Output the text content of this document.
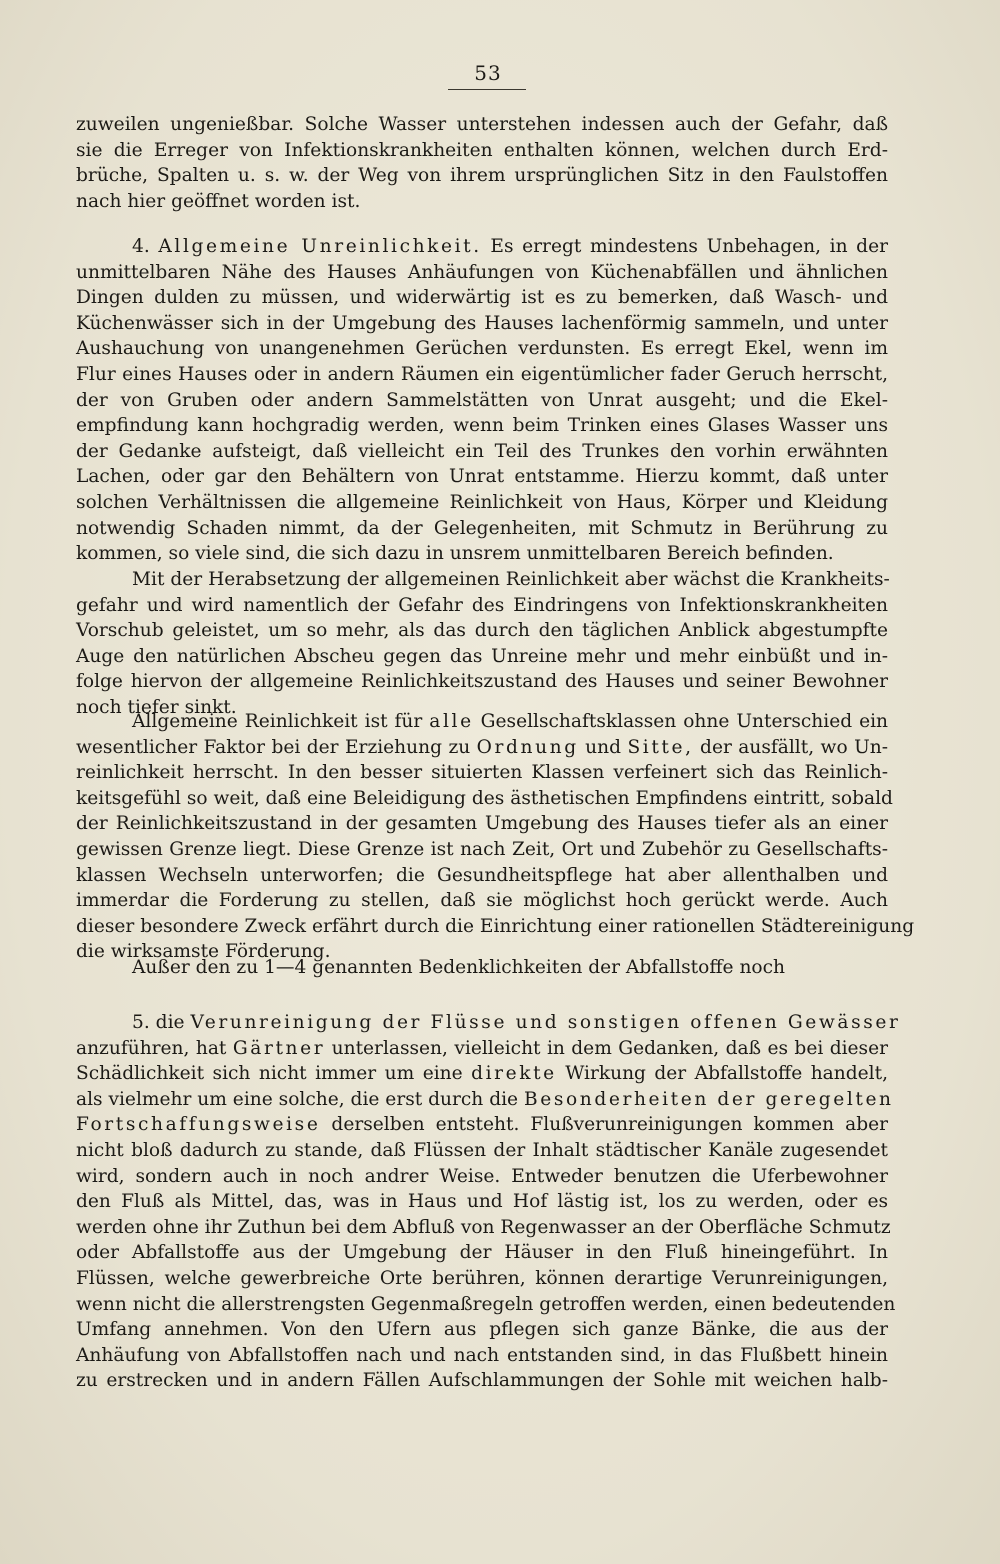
53
zuweilen ungenießbar. Solche Wasser unterstehen indessen auch der Gefahr, daß
sie die Erreger von Infektionskrankheiten enthalten können, welchen durch Erd-
brüche, Spalten u. s. w. der Weg von ihrem ursprünglichen Sitz in den Faulstoffen
nach hier geöffnet worden ist.
4. Allgemeine Unreinlichkeit. Es erregt mindestens Unbehagen, in der
unmittelbaren Nähe des Hauses Anhäufungen von Küchenabfällen und ähnlichen
Dingen dulden zu müssen, und widerwärtig ist es zu bemerken, daß Wasch- und
Küchenwässer sich in der Umgebung des Hauses lachenförmig sammeln, und unter
Aushauchung von unangenehmen Gerüchen verdunsten. Es erregt Ekel, wenn im
Flur eines Hauses oder in andern Räumen ein eigentümlicher fader Geruch herrscht,
der von Gruben oder andern Sammelstätten von Unrat ausgeht; und die Ekel-
empfindung kann hochgradig werden, wenn beim Trinken eines Glases Wasser uns
der Gedanke aufsteigt, daß vielleicht ein Teil des Trunkes den vorhin erwähnten
Lachen, oder gar den Behältern von Unrat entstamme. Hierzu kommt, daß unter
solchen Verhältnissen die allgemeine Reinlichkeit von Haus, Körper und Kleidung
notwendig Schaden nimmt, da der Gelegenheiten, mit Schmutz in Berührung zu
kommen, so viele sind, die sich dazu in unsrem unmittelbaren Bereich befinden.
Mit der Herabsetzung der allgemeinen Reinlichkeit aber wächst die Krankheits-
gefahr und wird namentlich der Gefahr des Eindringens von Infektionskrankheiten
Vorschub geleistet, um so mehr, als das durch den täglichen Anblick abgestumpfte
Auge den natürlichen Abscheu gegen das Unreine mehr und mehr einbüßt und in-
folge hiervon der allgemeine Reinlichkeitszustand des Hauses und seiner Bewohner
noch tiefer sinkt.
Allgemeine Reinlichkeit ist für alle Gesellschaftsklassen ohne Unterschied ein
wesentlicher Faktor bei der Erziehung zu Ordnung und Sitte, der ausfällt, wo Un-
reinlichkeit herrscht. In den besser situierten Klassen verfeinert sich das Reinlich-
keitsgefühl so weit, daß eine Beleidigung des ästhetischen Empfindens eintritt, sobald
der Reinlichkeitszustand in der gesamten Umgebung des Hauses tiefer als an einer
gewissen Grenze liegt. Diese Grenze ist nach Zeit, Ort und Zubehör zu Gesellschafts-
klassen Wechseln unterworfen; die Gesundheitspflege hat aber allenthalben und
immerdar die Forderung zu stellen, daß sie möglichst hoch gerückt werde. Auch
dieser besondere Zweck erfährt durch die Einrichtung einer rationellen Städtereinigung
die wirksamste Förderung.
Außer den zu 1—4 genannten Bedenklichkeiten der Abfallstoffe noch
5. die Verunreinigung der Flüsse und sonstigen offenen Gewässer
anzuführen, hat Gärtner unterlassen, vielleicht in dem Gedanken, daß es bei dieser
Schädlichkeit sich nicht immer um eine direkte Wirkung der Abfallstoffe handelt,
als vielmehr um eine solche, die erst durch die Besonderheiten der geregelten
Fortschaffungsweise derselben entsteht. Flußverunreinigungen kommen aber
nicht bloß dadurch zu stande, daß Flüssen der Inhalt städtischer Kanäle zugesendet
wird, sondern auch in noch andrer Weise. Entweder benutzen die Uferbewohner
den Fluß als Mittel, das, was in Haus und Hof lästig ist, los zu werden, oder es
werden ohne ihr Zuthun bei dem Abfluß von Regenwasser an der Oberfläche Schmutz
oder Abfallstoffe aus der Umgebung der Häuser in den Fluß hineingeführt. In
Flüssen, welche gewerbreiche Orte berühren, können derartige Verunreinigungen,
wenn nicht die allerstrengsten Gegenmaßregeln getroffen werden, einen bedeutenden
Umfang annehmen. Von den Ufern aus pflegen sich ganze Bänke, die aus der
Anhäufung von Abfallstoffen nach und nach entstanden sind, in das Flußbett hinein
zu erstrecken und in andern Fällen Aufschlammungen der Sohle mit weichen halb-
